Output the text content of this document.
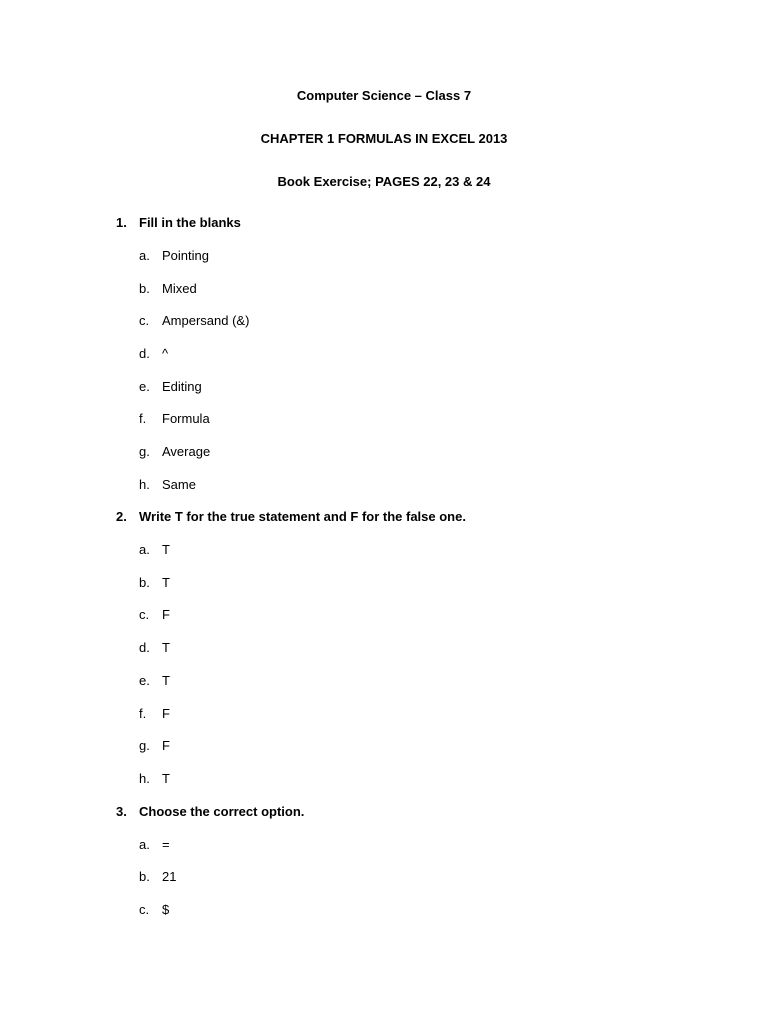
Computer Science – Class 7
CHAPTER 1 FORMULAS IN EXCEL 2013
Book Exercise; PAGES 22, 23 & 24
1. Fill in the blanks
a. Pointing
b. Mixed
c. Ampersand (&)
d. ^
e. Editing
f. Formula
g. Average
h. Same
2. Write T for the true statement and F for the false one.
a. T
b. T
c. F
d. T
e. T
f. F
g. F
h. T
3. Choose the correct option.
a. =
b. 21
c. $
